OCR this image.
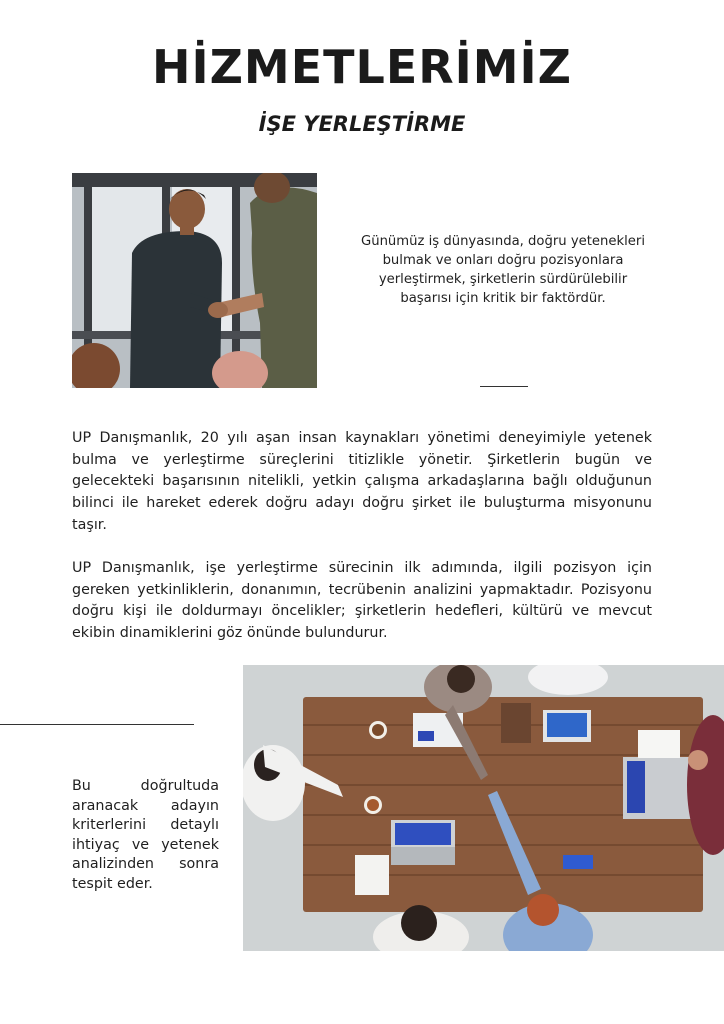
HİZMETLERİMİZ
İŞE YERLEŞTİRME
Günümüz iş dünyasında, doğru yetenekleri bulmak ve onları doğru pozisyonlara yerleştirmek, şirketlerin sürdürülebilir başarısı için kritik bir faktördür.

UP Danışmanlık, 20 yılı aşan insan kaynakları yönetimi deneyimiyle yetenek bulma ve yerleştirme süreçlerini titizlikle yönetir. Şirketlerin bugün ve gelecekteki başarısının nitelikli, yetkin çalışma arkadaşlarına bağlı olduğunun bilinci ile hareket ederek doğru adayı doğru şirket ile buluşturma misyonunu taşır.

UP Danışmanlık, işe yerleştirme sürecinin ilk adımında, ilgili pozisyon için gereken yetkinliklerin, donanımın, tecrübenin analizini yapmaktadır. Pozisyonu doğru kişi ile doldurmayı öncelikler; şirketlerin hedefleri, kültürü ve mevcut ekibin dinamiklerini göz önünde bulundurur.

Bu doğrultuda aranacak adayın kriterlerini detaylı ihtiyaç ve yetenek analizinden sonra tespit eder.
